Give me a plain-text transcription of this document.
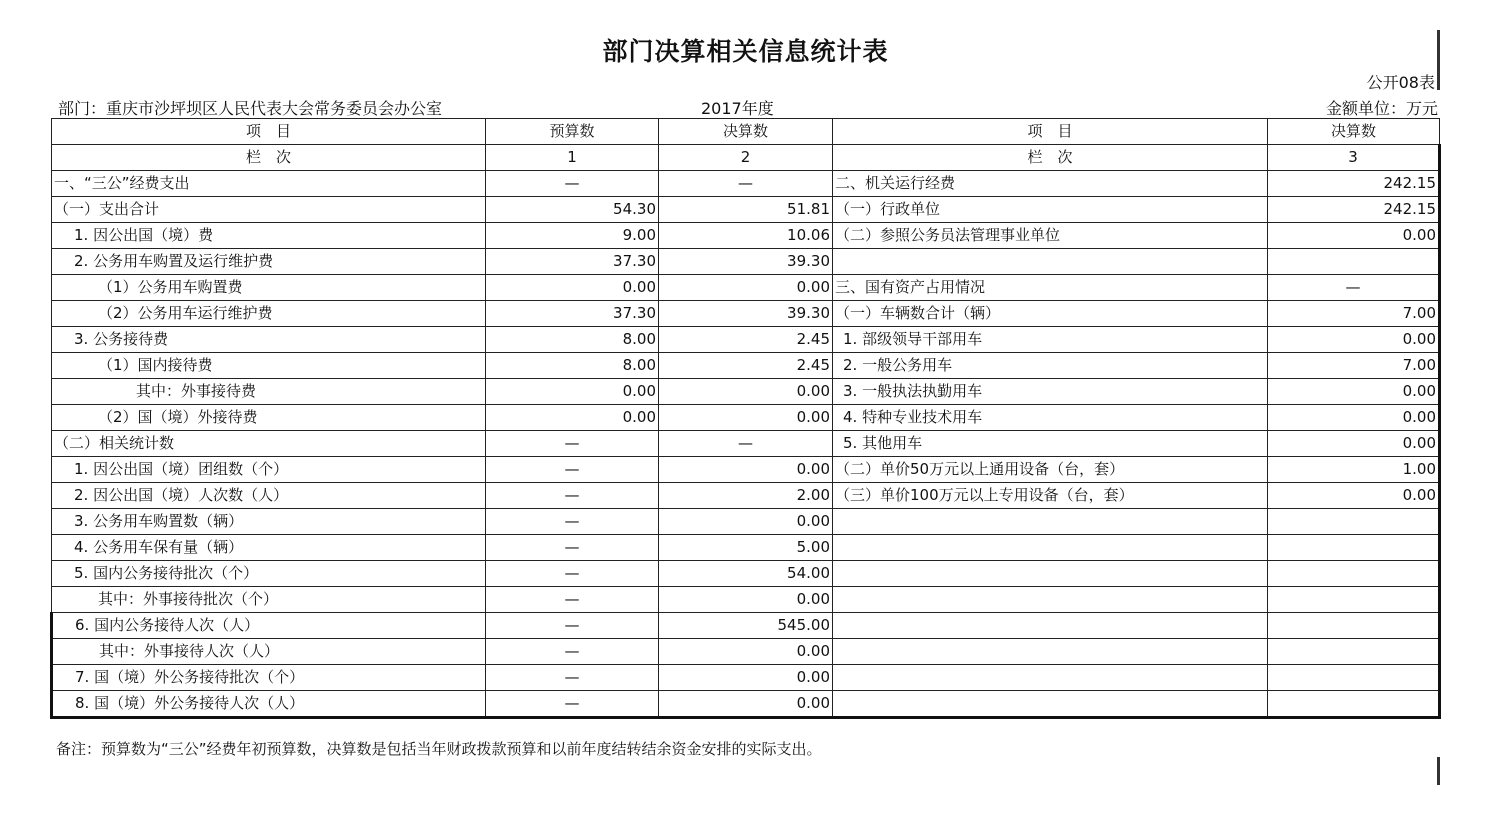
部门决算相关信息统计表
公开08表
部门：重庆市沙坪坝区人民代表大会常务委员会办公室	2017年度	金额单位：万元
项　目	预算数	决算数	项　目	决算数
栏　次	1	2	栏　次	3
一、“三公”经费支出	—	—	二、机关运行经费	242.15
（一）支出合计	54.30	51.81	（一）行政单位	242.15
1. 因公出国（境）费	9.00	10.06	（二）参照公务员法管理事业单位	0.00
2. 公务用车购置及运行维护费	37.30	39.30		
（1）公务用车购置费	0.00	0.00	三、国有资产占用情况	—
（2）公务用车运行维护费	37.30	39.30	（一）车辆数合计（辆）	7.00
3. 公务接待费	8.00	2.45	1. 部级领导干部用车	0.00
（1）国内接待费	8.00	2.45	2. 一般公务用车	7.00
其中：外事接待费	0.00	0.00	3. 一般执法执勤用车	0.00
（2）国（境）外接待费	0.00	0.00	4. 特种专业技术用车	0.00
（二）相关统计数	—	—	5. 其他用车	0.00
1. 因公出国（境）团组数（个）	—	0.00	（二）单价50万元以上通用设备（台，套）	1.00
2. 因公出国（境）人次数（人）	—	2.00	（三）单价100万元以上专用设备（台，套）	0.00
3. 公务用车购置数（辆）	—	0.00		
4. 公务用车保有量（辆）	—	5.00		
5. 国内公务接待批次（个）	—	54.00		
其中：外事接待批次（个）	—	0.00		
6. 国内公务接待人次（人）	—	545.00		
其中：外事接待人次（人）	—	0.00		
7. 国（境）外公务接待批次（个）	—	0.00		
8. 国（境）外公务接待人次（人）	—	0.00		
备注：预算数为“三公”经费年初预算数，决算数是包括当年财政拨款预算和以前年度结转结余资金安排的实际支出。
